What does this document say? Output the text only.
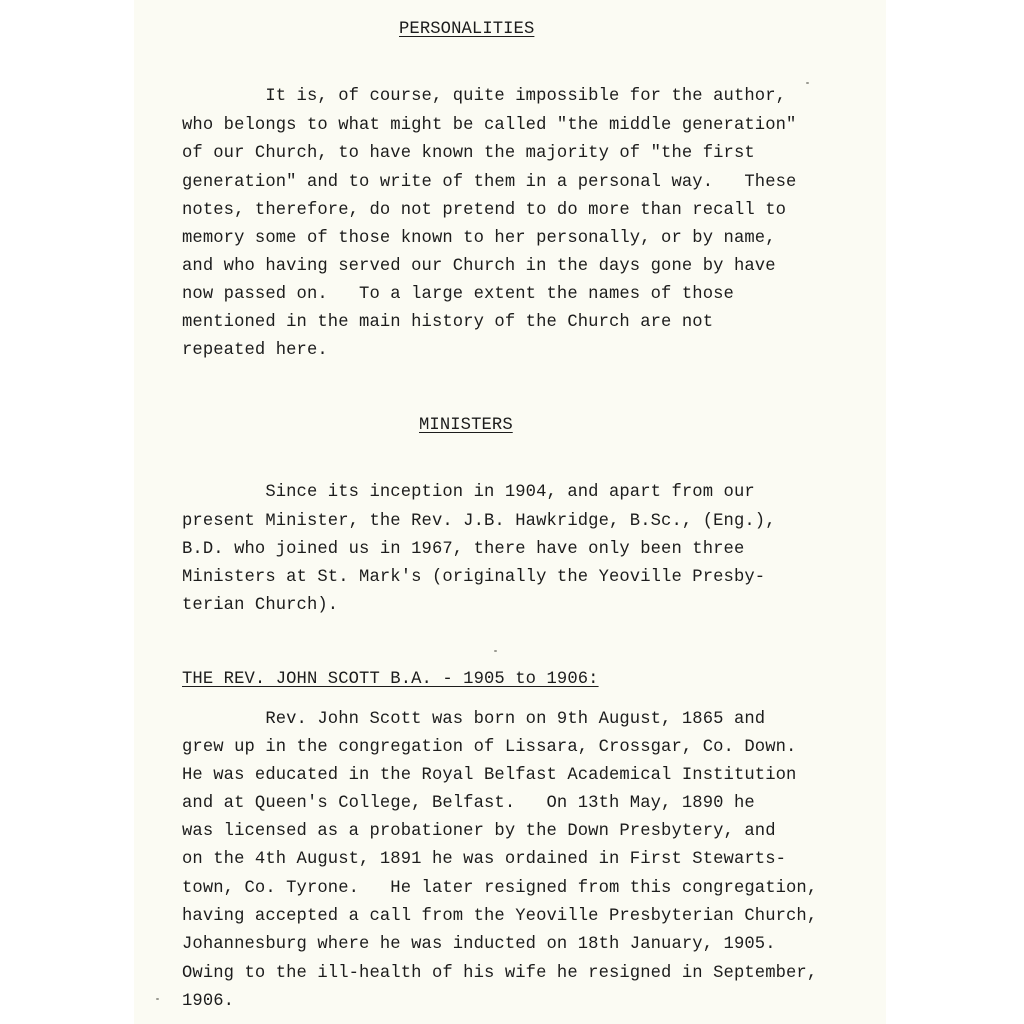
PERSONALITIES
It is, of course, quite impossible for the author,
who belongs to what might be called "the middle generation"
of our Church, to have known the majority of "the first
generation" and to write of them in a personal way.   These
notes, therefore, do not pretend to do more than recall to
memory some of those known to her personally, or by name,
and who having served our Church in the days gone by have
now passed on.   To a large extent the names of those
mentioned in the main history of the Church are not
repeated here.
MINISTERS
Since its inception in 1904, and apart from our
present Minister, the Rev. J.B. Hawkridge, B.Sc., (Eng.),
B.D. who joined us in 1967, there have only been three
Ministers at St. Mark's (originally the Yeoville Presby-
terian Church).
THE REV. JOHN SCOTT B.A. - 1905 to 1906:
Rev. John Scott was born on 9th August, 1865 and
grew up in the congregation of Lissara, Crossgar, Co. Down.
He was educated in the Royal Belfast Academical Institution
and at Queen's College, Belfast.   On 13th May, 1890 he
was licensed as a probationer by the Down Presbytery, and
on the 4th August, 1891 he was ordained in First Stewarts-
town, Co. Tyrone.   He later resigned from this congregation,
having accepted a call from the Yeoville Presbyterian Church,
Johannesburg where he was inducted on 18th January, 1905.
Owing to the ill-health of his wife he resigned in September,
1906.
